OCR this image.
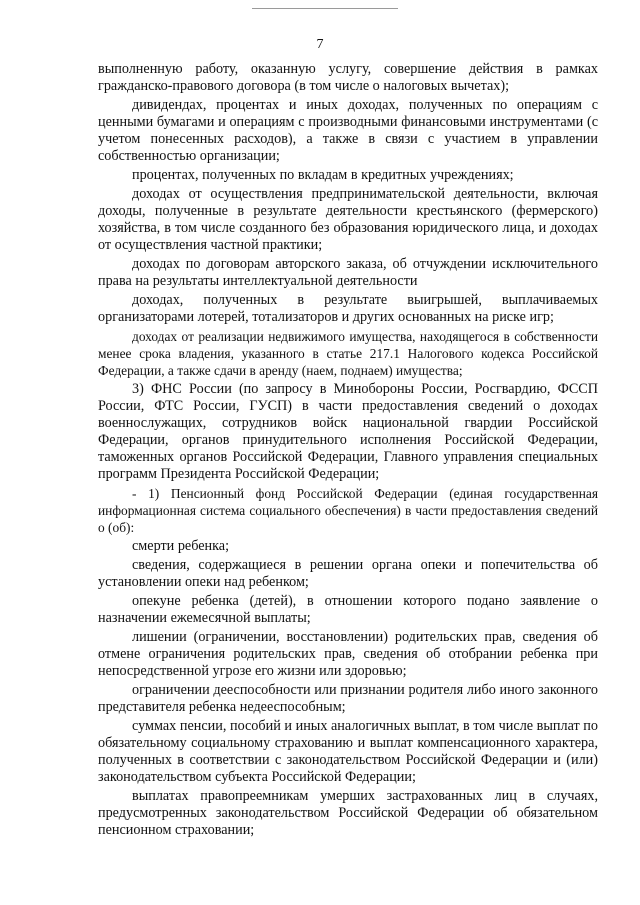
7

выполненную работу, оказанную услугу, совершение действия в рамках гражданско-правового договора (в том числе о налоговых вычетах);

дивидендах, процентах и иных доходах, полученных по операциям с ценными бумагами и операциям с производными финансовыми инструментами (с учетом понесенных расходов), а также в связи с участием в управлении собственностью организации;

процентах, полученных по вкладам в кредитных учреждениях;

доходах от осуществления предпринимательской деятельности, включая доходы, полученные в результате деятельности крестьянского (фермерского) хозяйства, в том числе созданного без образования юридического лица, и доходах от осуществления частной практики;

доходах по договорам авторского заказа, об отчуждении исключительного права на результаты интеллектуальной деятельности

доходах, полученных в результате выигрышей, выплачиваемых организаторами лотерей, тотализаторов и других основанных на риске игр;

доходах от реализации недвижимого имущества, находящегося в собственности менее срока владения, указанного в статье 217.1 Налогового кодекса Российской Федерации, а также сдачи в аренду (наем, поднаем) имущества;

3) ФНС России (по запросу в Минобороны России, Росгвардию, ФССП России, ФТС России, ГУСП) в части предоставления сведений о доходах военнослужащих, сотрудников войск национальной гвардии Российской Федерации, органов принудительного исполнения Российской Федерации, таможенных органов Российской Федерации, Главного управления специальных программ Президента Российской Федерации;

- 1) Пенсионный фонд Российской Федерации (единая государственная информационная система социального обеспечения) в части предоставления сведений о (об):

смерти ребенка;

сведения, содержащиеся в решении органа опеки и попечительства об установлении опеки над ребенком;

опекуне ребенка (детей), в отношении которого подано заявление о назначении ежемесячной выплаты;

лишении (ограничении, восстановлении) родительских прав, сведения об отмене ограничения родительских прав, сведения об отобрании ребенка при непосредственной угрозе его жизни или здоровью;

ограничении дееспособности или признании родителя либо иного законного представителя ребенка недееспособным;

суммах пенсии, пособий и иных аналогичных выплат, в том числе выплат по обязательному социальному страхованию и выплат компенсационного характера, полученных в соответствии с законодательством Российской Федерации и (или) законодательством субъекта Российской Федерации;

выплатах правопреемникам умерших застрахованных лиц в случаях, предусмотренных законодательством Российской Федерации об обязательном пенсионном страховании;
